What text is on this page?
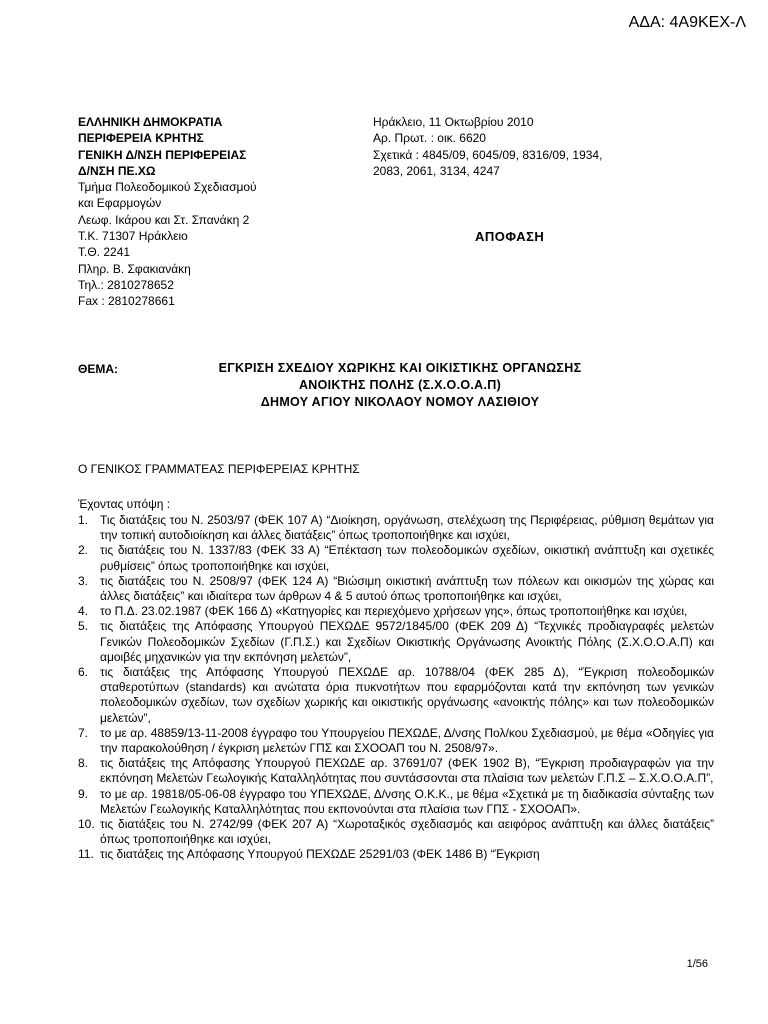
ΑΔΑ: 4Α9ΚΕΧ-Λ
ΕΛΛΗΝΙΚΗ ΔΗΜΟΚΡΑΤΙΑ
ΠΕΡΙΦΕΡΕΙΑ ΚΡΗΤΗΣ
ΓΕΝΙΚΗ Δ/ΝΣΗ ΠΕΡΙΦΕΡΕΙΑΣ
Δ/ΝΣΗ ΠΕ.ΧΩ
Τμήμα Πολεοδομικού Σχεδιασμού
και Εφαρμογών
Λεωφ. Ικάρου και Στ. Σπανάκη 2
Τ.Κ. 71307 Ηράκλειο
Τ.Θ. 2241
Πληρ. Β. Σφακιανάκη
Τηλ.: 2810278652
Fax : 2810278661
Ηράκλειο, 11 Οκτωβρίου 2010
Αρ. Πρωτ. : οικ. 6620
Σχετικά : 4845/09, 6045/09, 8316/09, 1934,
2083, 2061, 3134, 4247
ΑΠΟΦΑΣΗ
ΘΕΜΑ:	ΕΓΚΡΙΣΗ ΣΧΕΔΙΟΥ ΧΩΡΙΚΗΣ ΚΑΙ ΟΙΚΙΣΤΙΚΗΣ ΟΡΓΑΝΩΣΗΣ
ΑΝΟΙΚΤΗΣ ΠΟΛΗΣ (Σ.Χ.Ο.Ο.Α.Π)
ΔΗΜΟΥ ΑΓΙΟΥ ΝΙΚΟΛΑΟΥ ΝΟΜΟΥ ΛΑΣΙΘΙΟΥ
Ο ΓΕΝΙΚΟΣ ΓΡΑΜΜΑΤΕΑΣ ΠΕΡΙΦΕΡΕΙΑΣ ΚΡΗΤΗΣ
Έχοντας υπόψη :
1. Τις διατάξεις του Ν. 2503/97 (ΦΕΚ 107 Α) “Διοίκηση, οργάνωση, στελέχωση της Περιφέρειας, ρύθμιση θεμάτων για την τοπική αυτοδιοίκηση και άλλες διατάξεις” όπως τροποποιήθηκε και ισχύει,
2. τις διατάξεις του Ν. 1337/83 (ΦΕΚ 33 Α) “Επέκταση των πολεοδομικών σχεδίων, οικιστική ανάπτυξη και σχετικές ρυθμίσεις” όπως τροποποιήθηκε και ισχύει,
3. τις διατάξεις του Ν. 2508/97 (ΦΕΚ 124 Α) “Βιώσιμη οικιστική ανάπτυξη των πόλεων και οικισμών της χώρας και άλλες διατάξεις” και ιδιαίτερα των άρθρων 4 & 5 αυτού όπως τροποποιήθηκε και ισχύει,
4. το Π.Δ. 23.02.1987 (ΦΕΚ 166 Δ) «Κατηγορίες και περιεχόμενο χρήσεων γης», όπως τροποποιήθηκε και ισχύει,
5. τις διατάξεις της Απόφασης Υπουργού ΠΕΧΩΔΕ 9572/1845/00 (ΦΕΚ 209 Δ) “Τεχνικές προδιαγραφές μελετών Γενικών Πολεοδομικών Σχεδίων (Γ.Π.Σ.) και Σχεδίων Οικιστικής Οργάνωσης Ανοικτής Πόλης (Σ.Χ.Ο.Ο.Α.Π) και αμοιβές μηχανικών για την εκπόνηση μελετών”,
6. τις διατάξεις της Απόφασης Υπουργού ΠΕΧΩΔΕ αρ. 10788/04 (ΦΕΚ 285 Δ), “Έγκριση πολεοδομικών σταθεροτύπων (standards) και ανώτατα όρια πυκνοτήτων που εφαρμόζονται κατά την εκπόνηση των γενικών πολεοδομικών σχεδίων, των σχεδίων χωρικής και οικιστικής οργάνωσης «ανοικτής πόλης» και των πολεοδομικών μελετών”,
7. το με αρ. 48859/13-11-2008 έγγραφο του Υπουργείου ΠΕΧΩΔΕ, Δ/νσης Πολ/κου Σχεδιασμού, με θέμα «Οδηγίες για την παρακολούθηση / έγκριση μελετών ΓΠΣ και ΣΧΟΟΑΠ του Ν. 2508/97».
8. τις διατάξεις της Απόφασης Υπουργού ΠΕΧΩΔΕ αρ. 37691/07 (ΦΕΚ 1902 Β), “Έγκριση προδιαγραφών για την εκπόνηση Μελετών Γεωλογικής Καταλληλότητας που συντάσσονται στα πλαίσια των μελετών Γ.Π.Σ – Σ.Χ.Ο.Ο.Α.Π”,
9. το με αρ. 19818/05-06-08 έγγραφο του ΥΠΕΧΩΔΕ, Δ/νσης Ο.Κ.Κ., με θέμα «Σχετικά με τη διαδικασία σύνταξης των Μελετών Γεωλογικής Καταλληλότητας που εκπονούνται στα πλαίσια των ΓΠΣ - ΣΧΟΟΑΠ».
10. τις διατάξεις του Ν. 2742/99 (ΦΕΚ 207 Α) “Χωροταξικός σχεδιασμός και αειφόρος ανάπτυξη και άλλες διατάξεις” όπως τροποποιήθηκε και ισχύει,
11. τις διατάξεις της Απόφασης Υπουργού ΠΕΧΩΔΕ 25291/03 (ΦΕΚ 1486 Β) “Έγκριση
1/56
